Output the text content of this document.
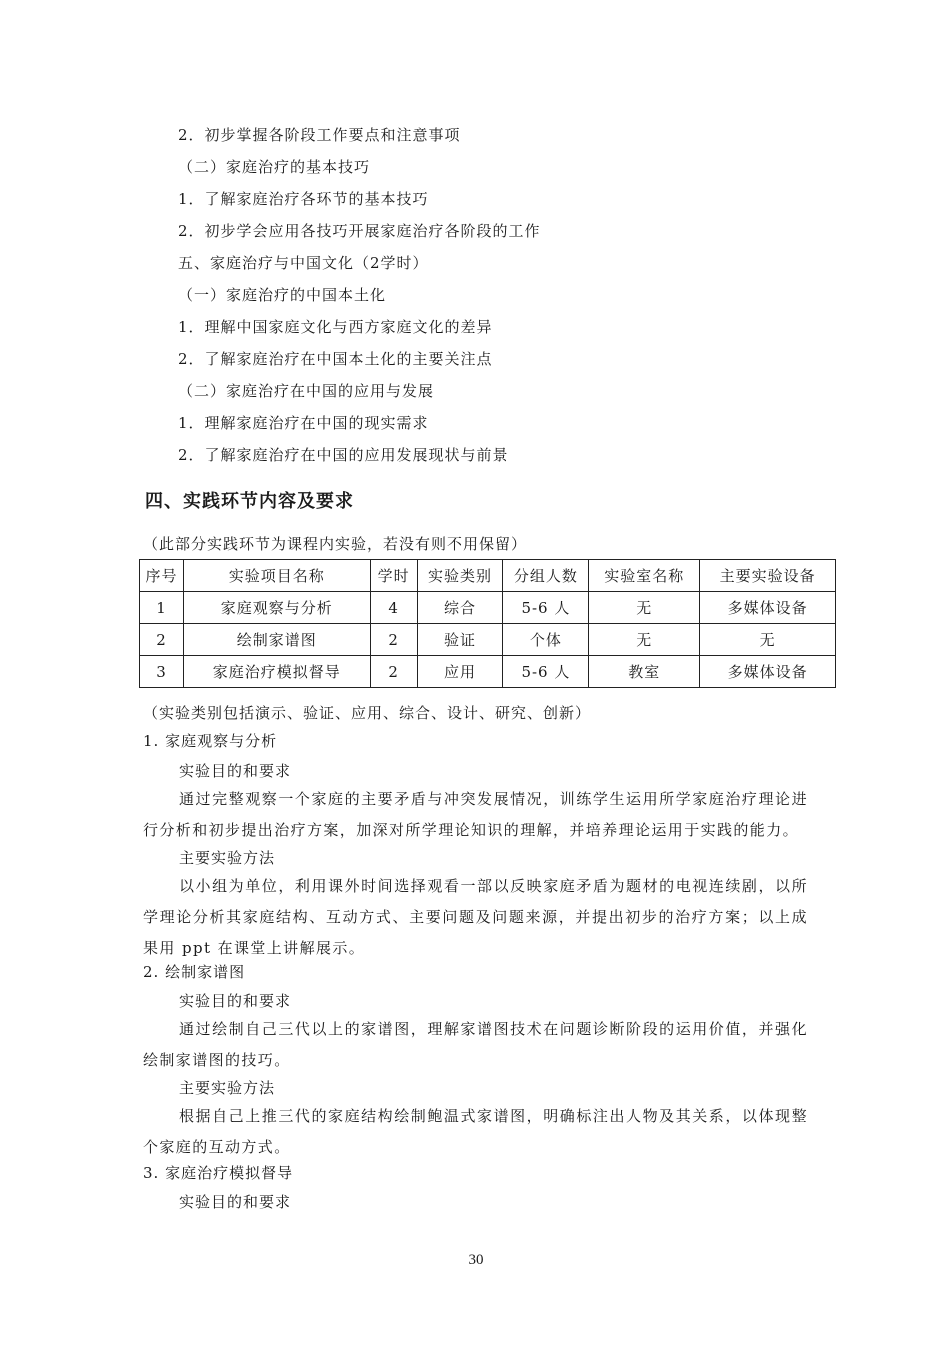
2．初步掌握各阶段工作要点和注意事项
（二）家庭治疗的基本技巧
1．了解家庭治疗各环节的基本技巧
2．初步学会应用各技巧开展家庭治疗各阶段的工作
五、家庭治疗与中国文化（2学时）
（一）家庭治疗的中国本土化
1．理解中国家庭文化与西方家庭文化的差异
2．了解家庭治疗在中国本土化的主要关注点
（二）家庭治疗在中国的应用与发展
1．理解家庭治疗在中国的现实需求
2．了解家庭治疗在中国的应用发展现状与前景
四、实践环节内容及要求
（此部分实践环节为课程内实验，若没有则不用保留）
序号	实验项目名称	学时	实验类别	分组人数	实验室名称	主要实验设备
1	家庭观察与分析	4	综合	5-6 人	无	多媒体设备
2	绘制家谱图	2	验证	个体	无	无
3	家庭治疗模拟督导	2	应用	5-6 人	教室	多媒体设备
（实验类别包括演示、验证、应用、综合、设计、研究、创新）
1. 家庭观察与分析
实验目的和要求
通过完整观察一个家庭的主要矛盾与冲突发展情况，训练学生运用所学家庭治疗理论进行分析和初步提出治疗方案，加深对所学理论知识的理解，并培养理论运用于实践的能力。
主要实验方法
以小组为单位，利用课外时间选择观看一部以反映家庭矛盾为题材的电视连续剧，以所学理论分析其家庭结构、互动方式、主要问题及问题来源，并提出初步的治疗方案；以上成果用 ppt 在课堂上讲解展示。
2. 绘制家谱图
实验目的和要求
通过绘制自己三代以上的家谱图，理解家谱图技术在问题诊断阶段的运用价值，并强化绘制家谱图的技巧。
主要实验方法
根据自己上推三代的家庭结构绘制鲍温式家谱图，明确标注出人物及其关系，以体现整个家庭的互动方式。
3. 家庭治疗模拟督导
实验目的和要求
30
